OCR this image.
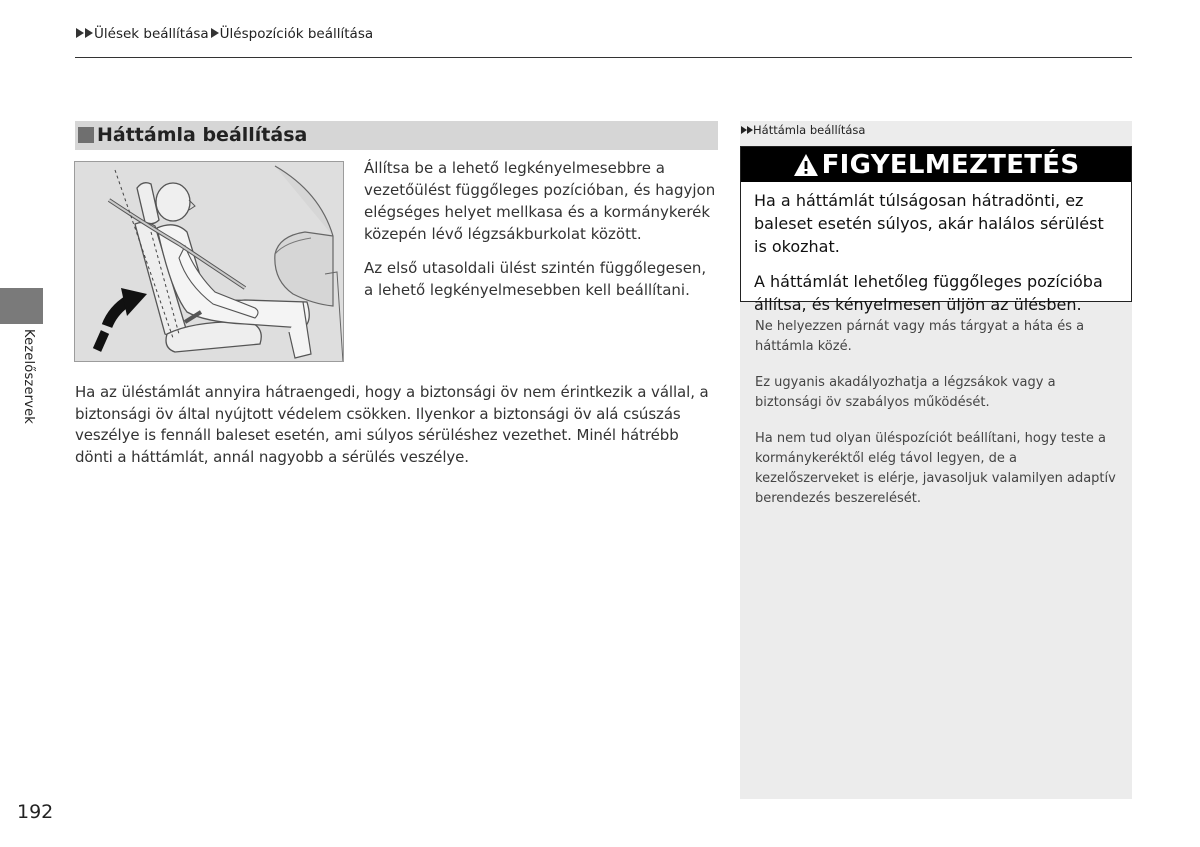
Ülések beállítása Üléspozíciók beállítása
Kezelőszervek
Háttámla beállítása

Állítsa be a lehető legkényelmesebbre a vezetőülést függőleges pozícióban, és hagyjon elégséges helyet mellkasa és a kormánykerék közepén lévő légzsákburkolat között.

Az első utasoldali ülést szintén függőlegesen, a lehető legkényelmesebben kell beállítani.

Ha az üléstámlát annyira hátraengedi, hogy a biztonsági öv nem érintkezik a vállal, a biztonsági öv által nyújtott védelem csökken. Ilyenkor a biztonsági öv alá csúszás veszélye is fennáll baleset esetén, ami súlyos sérüléshez vezethet. Minél hátrébb dönti a háttámlát, annál nagyobb a sérülés veszélye.
Háttámla beállítása
FIGYELMEZTETÉS

Ha a háttámlát túlságosan hátradönti, ez baleset esetén súlyos, akár halálos sérülést is okozhat.

A háttámlát lehetőleg függőleges pozícióba állítsa, és kényelmesen üljön az ülésben.

Ne helyezzen párnát vagy más tárgyat a háta és a háttámla közé.

Ez ugyanis akadályozhatja a légzsákok vagy a biztonsági öv szabályos működését.

Ha nem tud olyan üléspozíciót beállítani, hogy teste a kormánykeréktől elég távol legyen, de a kezelőszerveket is elérje, javasoljuk valamilyen adaptív berendezés beszerelését.

192
